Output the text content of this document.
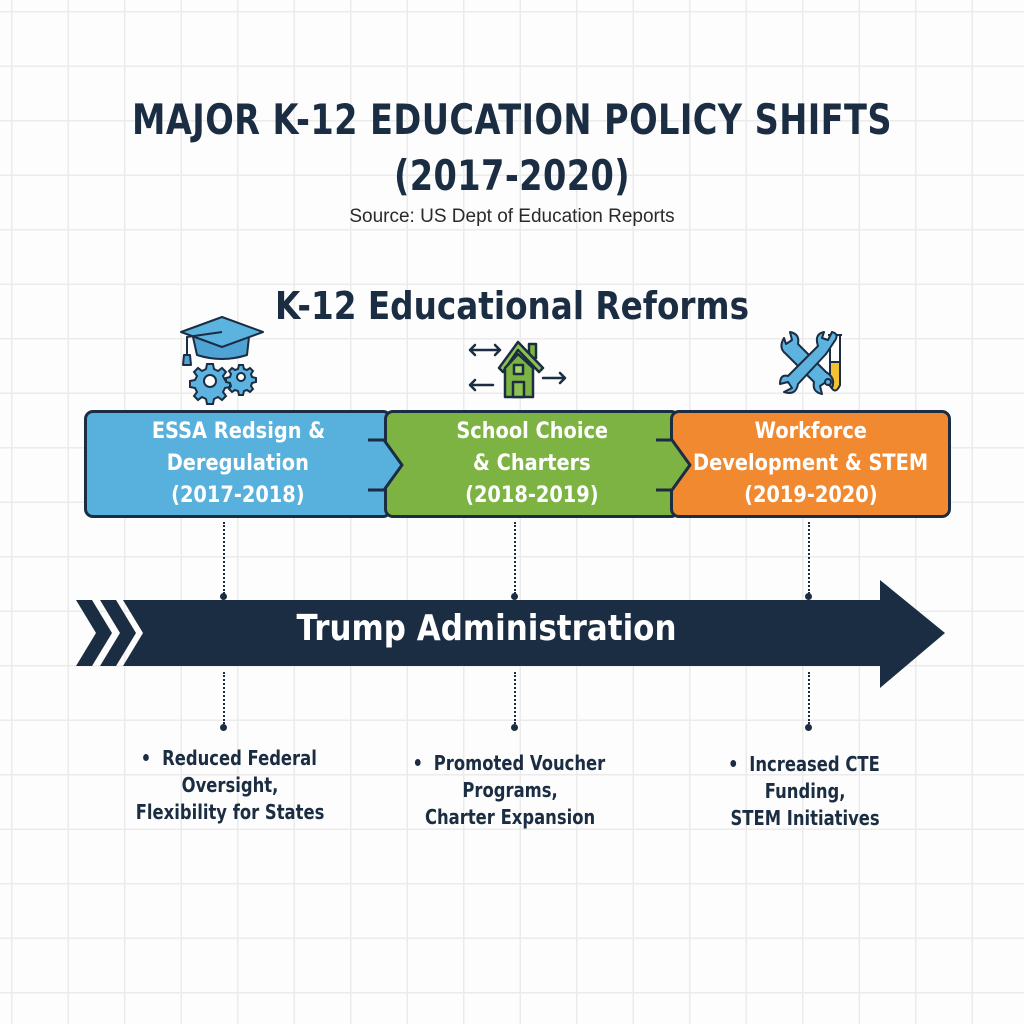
MAJOR K-12 EDUCATION POLICY SHIFTS
(2017-2020)
Source: US Dept of Education Reports
K-12 Educational Reforms
ESSA Redsign &
Deregulation
(2017-2018)
School Choice
& Charters
(2018-2019)
Workforce
Development & STEM
(2019-2020)
Trump Administration
Reduced Federal
Oversight,
Flexibility for States
Promoted Voucher
Programs,
Charter Expansion
Increased CTE
Funding,
STEM Initiatives
